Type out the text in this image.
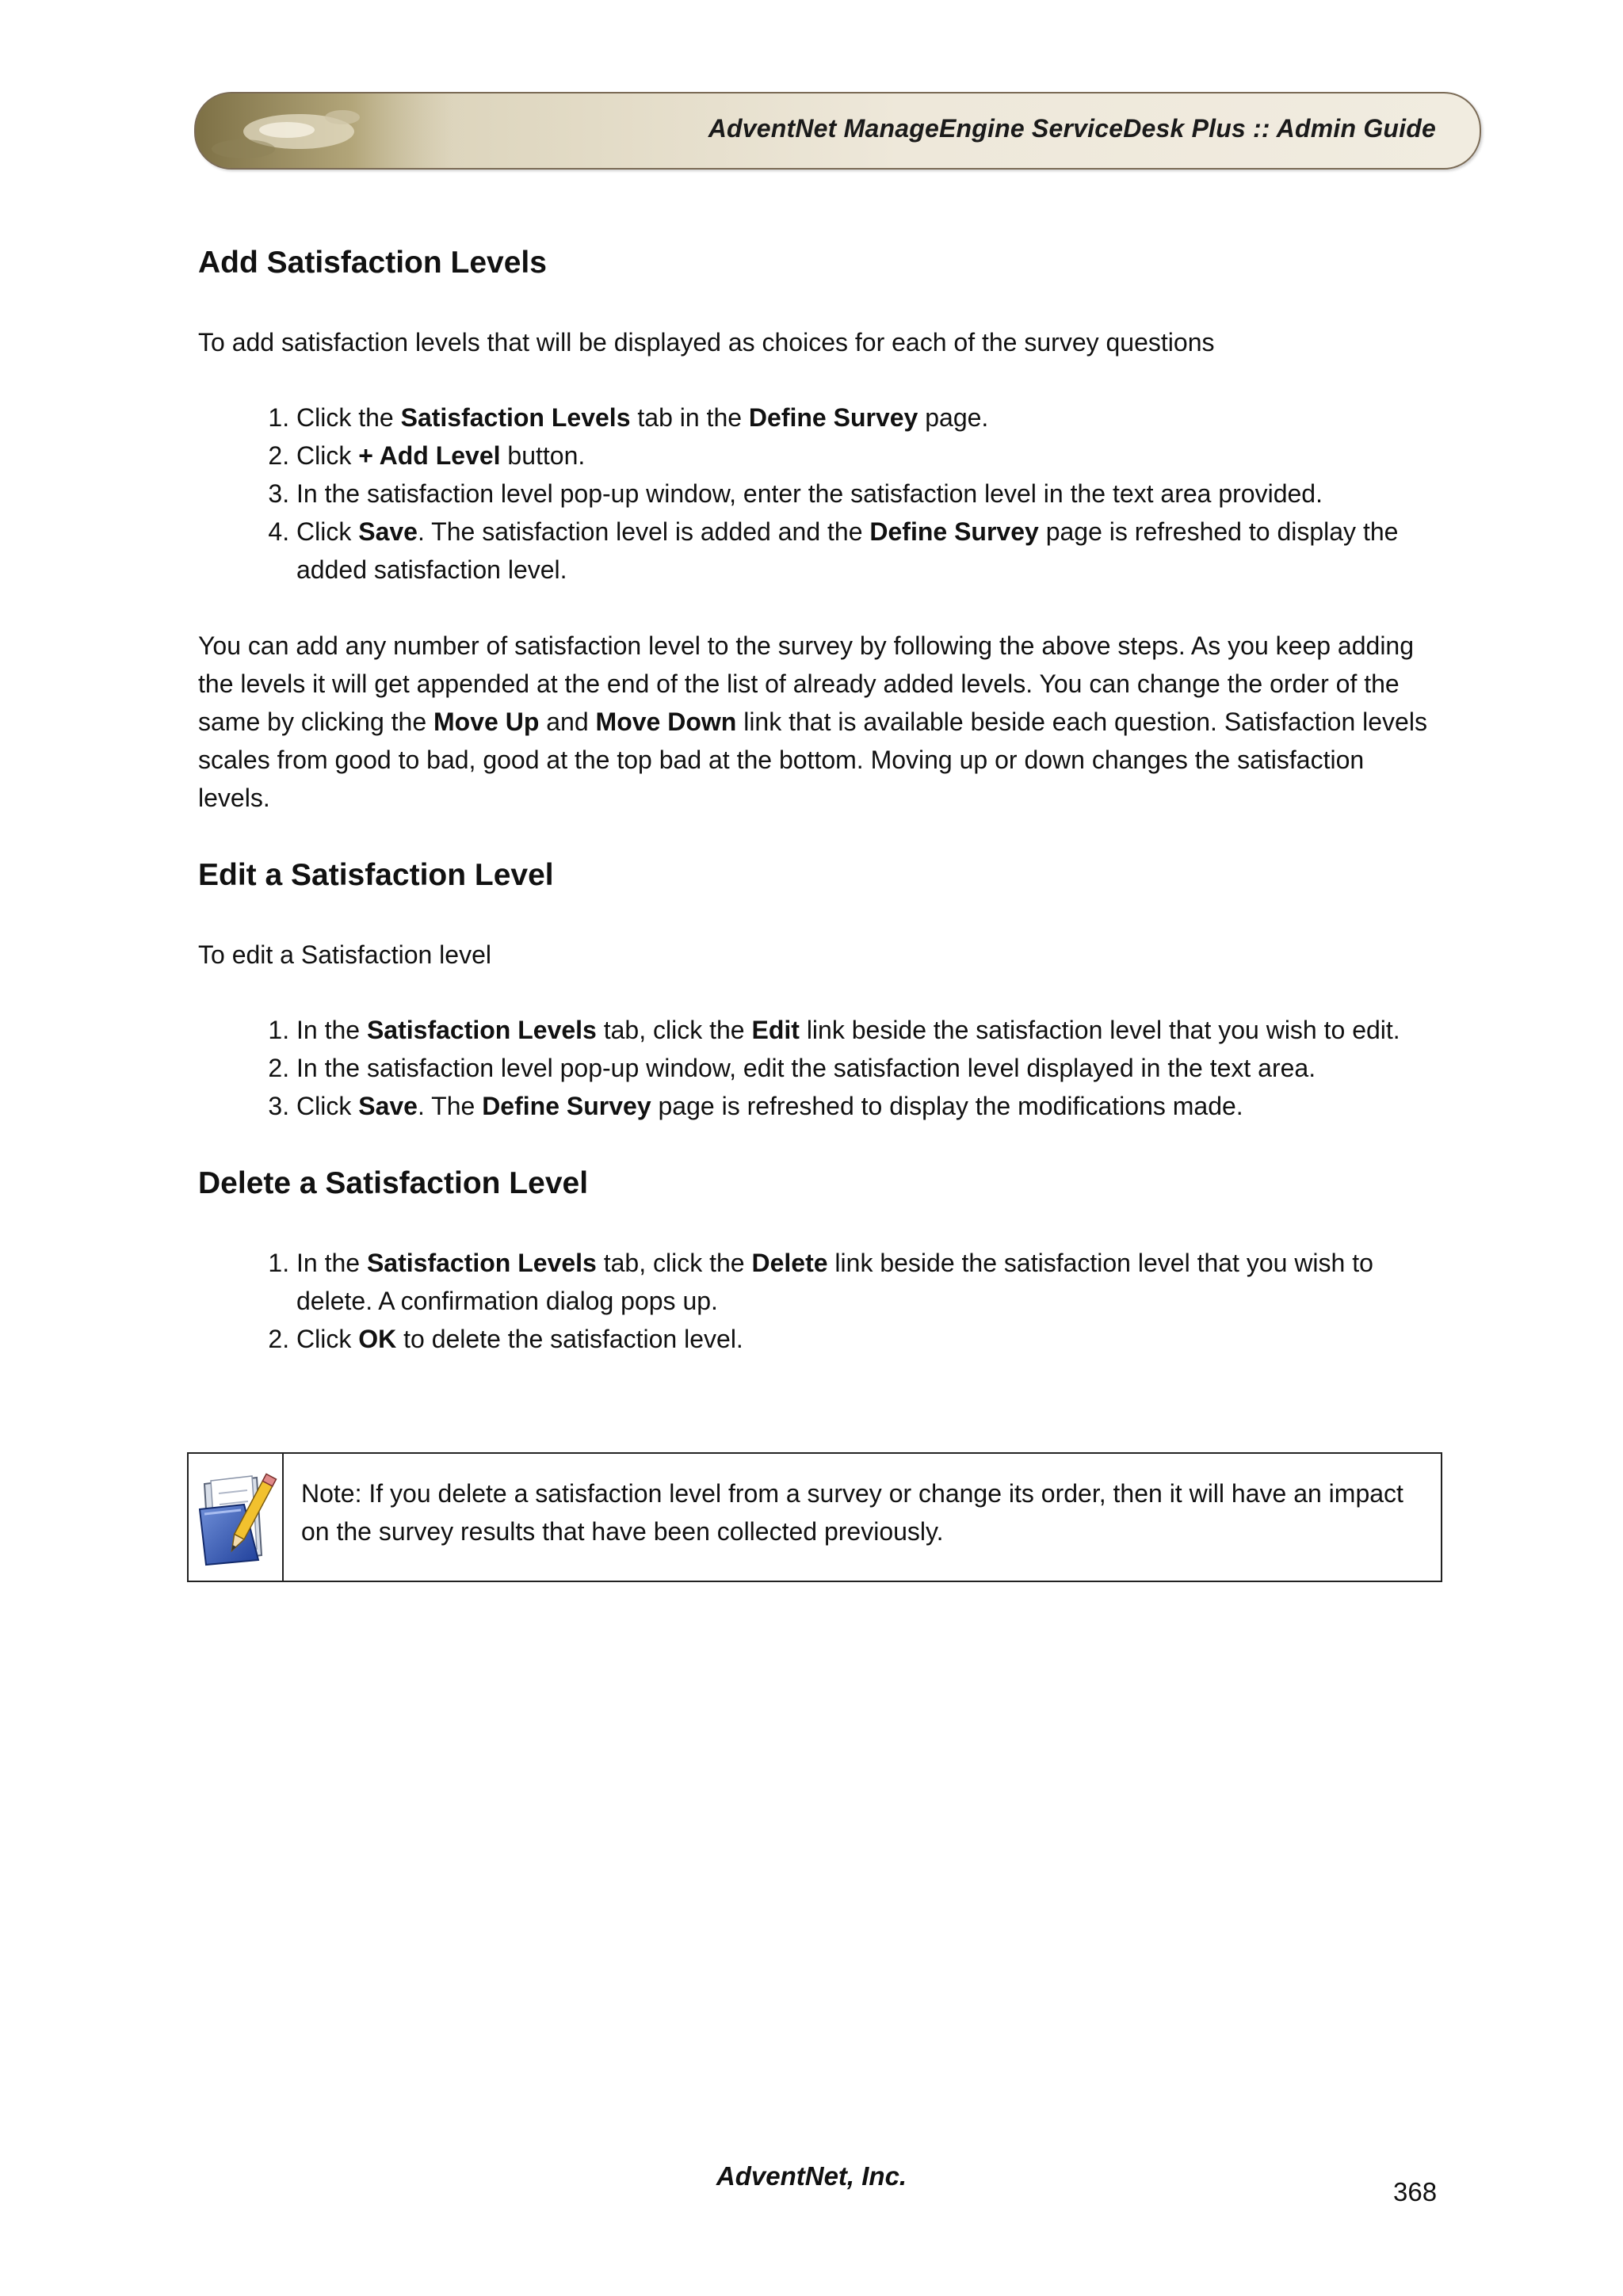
AdventNet ManageEngine ServiceDesk Plus :: Admin Guide
Add Satisfaction Levels

To add satisfaction levels that will be displayed as choices for each of the survey questions

1. Click the Satisfaction Levels tab in the Define Survey page.
2. Click + Add Level button.
3. In the satisfaction level pop-up window, enter the satisfaction level in the text area provided.
4. Click Save. The satisfaction level is added and the Define Survey page is refreshed to display the added satisfaction level.

You can add any number of satisfaction level to the survey by following the above steps. As you keep adding the levels it will get appended at the end of the list of already added levels. You can change the order of the same by clicking the Move Up and Move Down link that is available beside each question. Satisfaction levels scales from good to bad, good at the top bad at the bottom. Moving up or down changes the satisfaction levels.

Edit a Satisfaction Level

To edit a Satisfaction level

1. In the Satisfaction Levels tab, click the Edit link beside the satisfaction level that you wish to edit.
2. In the satisfaction level pop-up window, edit the satisfaction level displayed in the text area.
3. Click Save. The Define Survey page is refreshed to display the modifications made.
Delete a Satisfaction Level
1. In the Satisfaction Levels tab, click the Delete link beside the satisfaction level that you wish to delete. A confirmation dialog pops up.
2. Click OK to delete the satisfaction level.
Note: If you delete a satisfaction level from a survey or change its order, then it will have an impact on the survey results that have been collected previously.
AdventNet, Inc.
368
